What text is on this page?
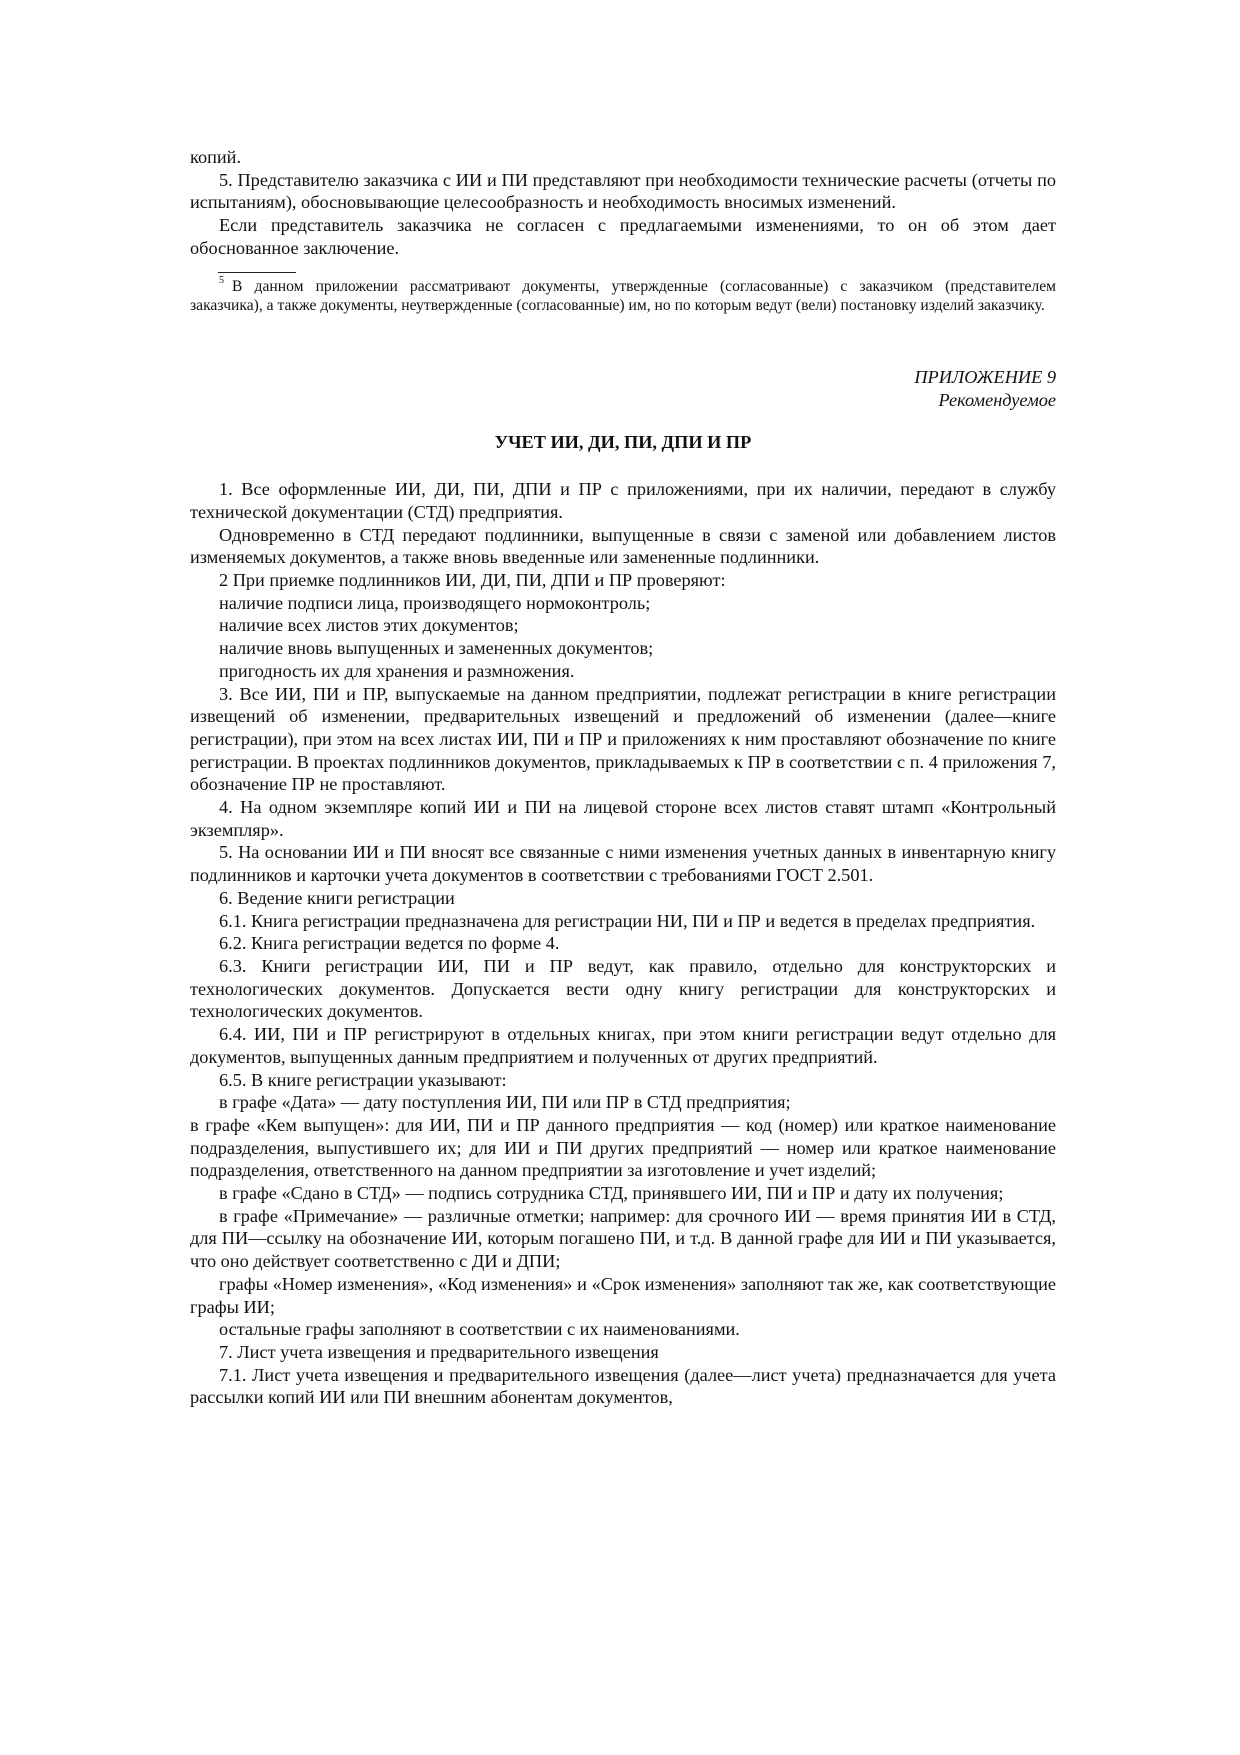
копий.

5. Представителю заказчика с ИИ и ПИ представляют при необходимости технические расчеты (отчеты по испытаниям), обосновывающие целесообразность и необходимость вносимых изменений.

Если представитель заказчика не согласен с предлагаемыми изменениями, то он об этом дает обоснованное заключение.

$^5$ В данном приложении рассматривают документы, утвержденные (согласованные) с заказчиком (представителем заказчика), а также документы, неутвержденные (согласованные) им, но по которым ведут (вели) постановку изделий заказчику.

ПРИЛОЖЕНИЕ 9

Рекомендуемое

УЧЕТ ИИ, ДИ, ПИ, ДПИ И ПР

1. Все оформленные ИИ, ДИ, ПИ, ДПИ и ПР с приложениями, при их наличии, передают в службу технической документации (СТД) предприятия.

Одновременно в СТД передают подлинники, выпущенные в связи с заменой или добавлением листов изменяемых документов, а также вновь введенные или замененные подлинники.

2 При приемке подлинников ИИ, ДИ, ПИ, ДПИ и ПР проверяют:

наличие подписи лица, производящего нормоконтроль;

наличие всех листов этих документов;

наличие вновь выпущенных и замененных документов;

пригодность их для хранения и размножения.

3. Все ИИ, ПИ и ПР, выпускаемые на данном предприятии, подлежат регистрации в книге регистрации извещений об изменении, предварительных извещений и предложений об изменении (далее—книге регистрации), при этом на всех листах ИИ, ПИ и ПР и приложениях к ним проставляют обозначение по книге регистрации. В проектах подлинников документов, прикладываемых к ПР в соответствии с п. 4 приложения 7, обозначение ПР не проставляют.

4. На одном экземпляре копий ИИ и ПИ на лицевой стороне всех листов ставят штамп «Контрольный экземпляр».

5. На основании ИИ и ПИ вносят все связанные с ними изменения учетных данных в инвентарную книгу подлинников и карточки учета документов в соответствии с требованиями ГОСТ 2.501.

6. Ведение книги регистрации

6.1. Книга регистрации предназначена для регистрации НИ, ПИ и ПР и ведется в пределах предприятия.

6.2. Книга регистрации ведется по форме 4.

6.3. Книги регистрации ИИ, ПИ и ПР ведут, как правило, отдельно для конструкторских и технологических документов. Допускается вести одну книгу регистрации для конструкторских и технологических документов.

6.4. ИИ, ПИ и ПР регистрируют в отдельных книгах, при этом книги регистрации ведут отдельно для документов, выпущенных данным предприятием и полученных от других предприятий.

6.5. В книге регистрации указывают:

в графе «Дата» — дату поступления ИИ, ПИ или ПР в СТД предприятия;

в графе «Кем выпущен»: для ИИ, ПИ и ПР данного предприятия — код (номер) или краткое наименование подразделения, выпустившего их; для ИИ и ПИ других предприятий — номер или краткое наименование подразделения, ответственного на данном предприятии за изготовление и учет изделий;

в графе «Сдано в СТД» — подпись сотрудника СТД, принявшего ИИ, ПИ и ПР и дату их получения;

в графе «Примечание» — различные отметки; например: для срочного ИИ — время принятия ИИ в СТД, для ПИ—ссылку на обозначение ИИ, которым погашено ПИ, и т.д. В данной графе для ИИ и ПИ указывается, что оно действует соответственно с ДИ и ДПИ;

графы «Номер изменения», «Код изменения» и «Срок изменения» заполняют так же, как соответствующие графы ИИ;

остальные графы заполняют в соответствии с их наименованиями.

7. Лист учета извещения и предварительного извещения

7.1. Лист учета извещения и предварительного извещения (далее—лист учета) предназначается для учета рассылки копий ИИ или ПИ внешним абонентам документов,
